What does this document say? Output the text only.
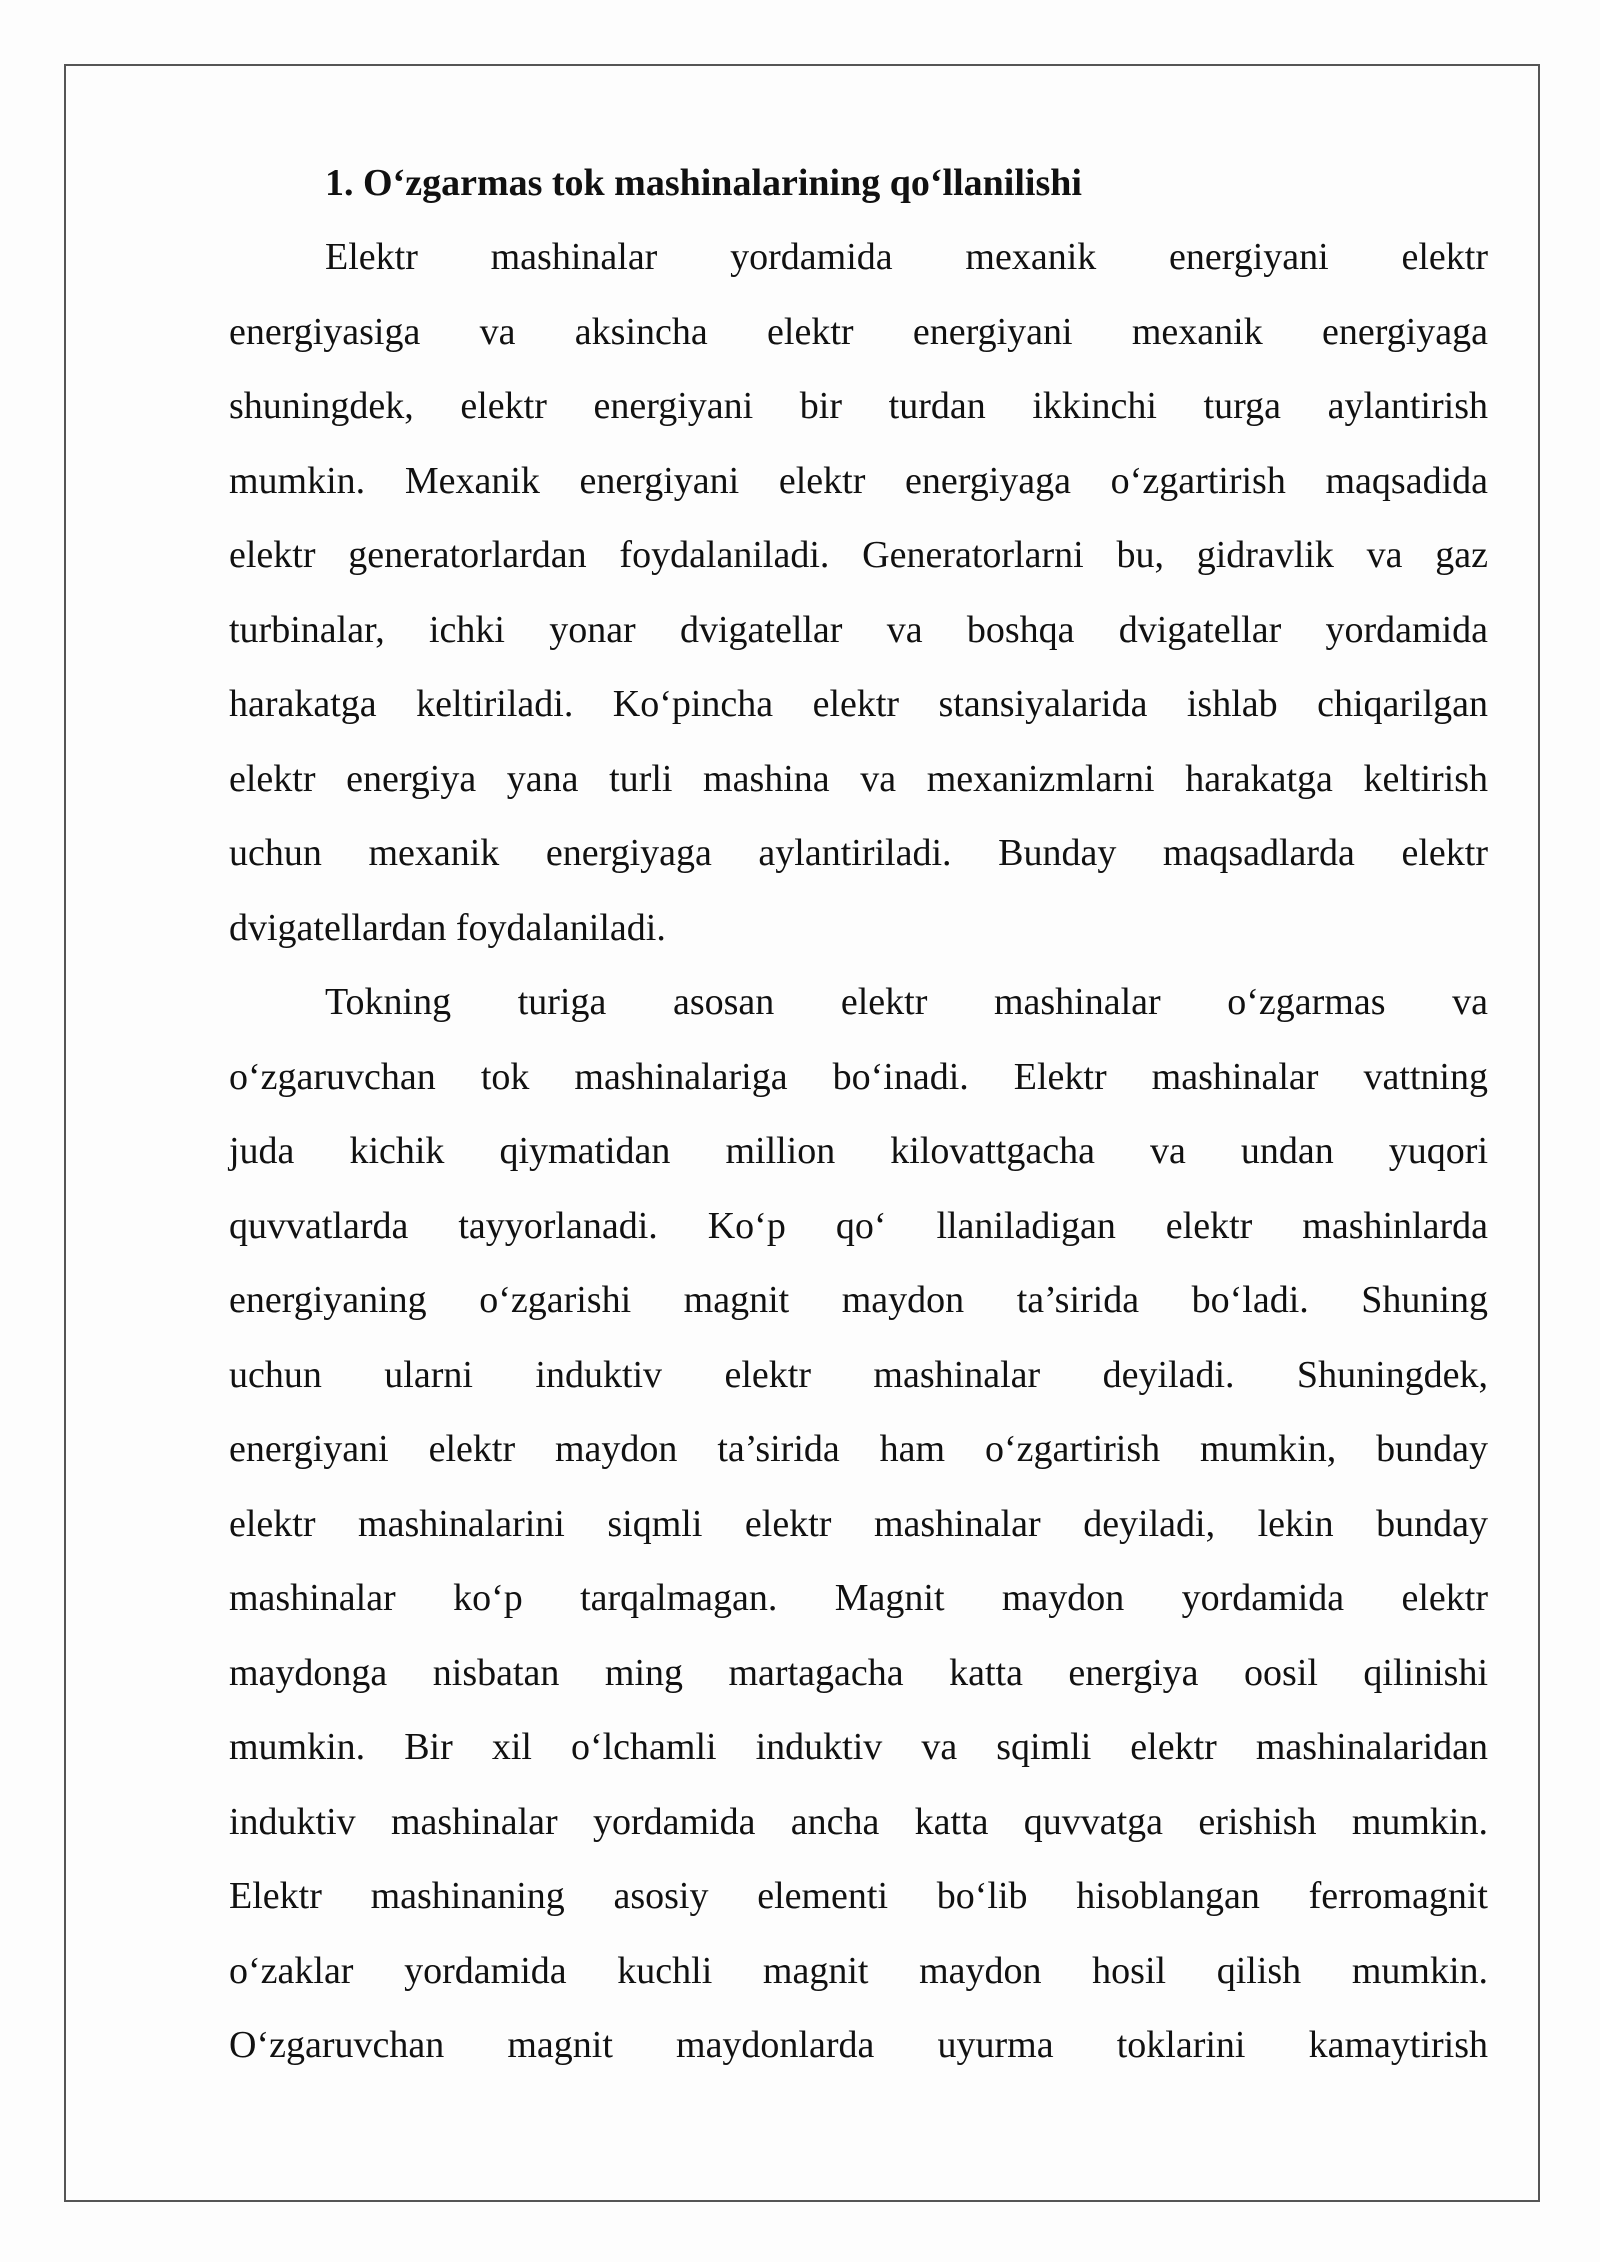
1. O‘zgarmas tok mashinalarining qo‘llanilishi
Elektr mashinalar yordamida mexanik energiyani elektr
energiyasiga va aksincha elektr energiyani mexanik energiyaga
shuningdek, elektr energiyani bir turdan ikkinchi turga aylantirish
mumkin. Mexanik energiyani elektr energiyaga o‘zgartirish maqsadida
elektr generatorlardan foydalaniladi. Generatorlarni bu, gidravlik va gaz
turbinalar, ichki yonar dvigatellar va boshqa dvigatellar yordamida
harakatga keltiriladi. Ko‘pincha elektr stansiyalarida ishlab chiqarilgan
elektr energiya yana turli mashina va mexanizmlarni harakatga keltirish
uchun mexanik energiyaga aylantiriladi. Bunday maqsadlarda elektr
dvigatellardan foydalaniladi.
Tokning turiga asosan elektr mashinalar o‘zgarmas va
o‘zgaruvchan tok mashinalariga bo‘inadi. Elektr mashinalar vattning
juda kichik qiymatidan million kilovattgacha va undan yuqori
quvvatlarda tayyorlanadi. Ko‘p qo‘ llaniladigan elektr mashinlarda
energiyaning o‘zgarishi magnit maydon ta’sirida bo‘ladi. Shuning
uchun ularni induktiv elektr mashinalar deyiladi. Shuningdek,
energiyani elektr maydon ta’sirida ham o‘zgartirish mumkin, bunday
elektr mashinalarini siqmli elektr mashinalar deyiladi, lekin bunday
mashinalar ko‘p tarqalmagan. Magnit maydon yordamida elektr
maydonga nisbatan ming martagacha katta energiya oosil qilinishi
mumkin. Bir xil o‘lchamli induktiv va sqimli elektr mashinalaridan
induktiv mashinalar yordamida ancha katta quvvatga erishish mumkin.
Elektr mashinaning asosiy elementi bo‘lib hisoblangan ferromagnit
o‘zaklar yordamida kuchli magnit maydon hosil qilish mumkin.
O‘zgaruvchan magnit maydonlarda uyurma toklarini kamaytirish
